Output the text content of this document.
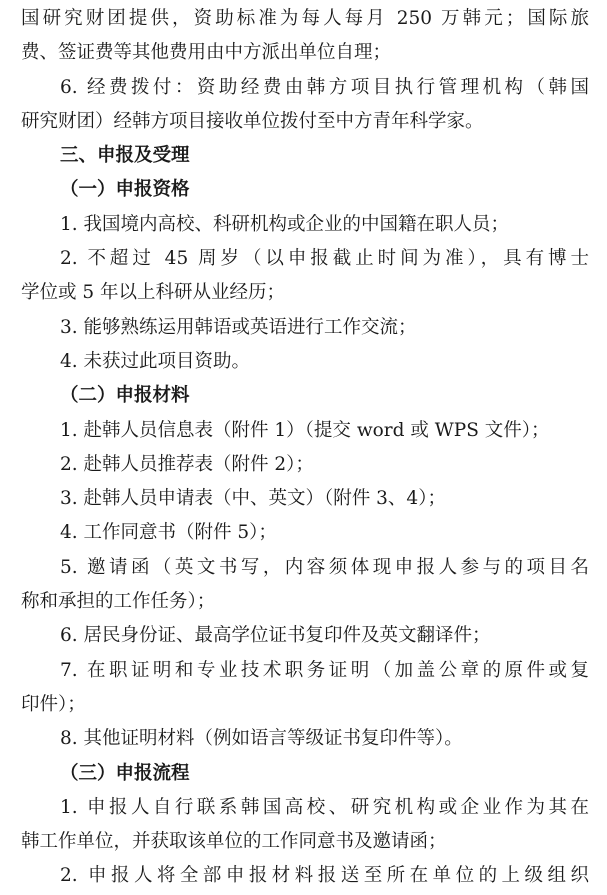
国研究财团提供，资助标准为每人每月 250 万韩元；国际旅

费、签证费等其他费用由中方派出单位自理；

6. 经费拨付：资助经费由韩方项目执行管理机构（韩国

研究财团）经韩方项目接收单位拨付至中方青年科学家。

三、申报及受理

（一）申报资格

1. 我国境内高校、科研机构或企业的中国籍在职人员；

2. 不超过 45 周岁（以申报截止时间为准），具有博士

学位或 5 年以上科研从业经历；

3. 能够熟练运用韩语或英语进行工作交流；

4. 未获过此项目资助。

（二）申报材料

1. 赴韩人员信息表（附件 1）（提交 word 或 WPS 文件）；

2. 赴韩人员推荐表（附件 2）；

3. 赴韩人员申请表（中、英文）（附件 3、4）；

4. 工作同意书（附件 5）；

5. 邀请函（英文书写，内容须体现申报人参与的项目名

称和承担的工作任务）；

6. 居民身份证、最高学位证书复印件及英文翻译件；

7. 在职证明和专业技术职务证明（加盖公章的原件或复

印件）；

8. 其他证明材料（例如语言等级证书复印件等）。

（三）申报流程

1. 申报人自行联系韩国高校、研究机构或企业作为其在

韩工作单位，并获取该单位的工作同意书及邀请函；

2. 申报人将全部申报材料报送至所在单位的上级组织
